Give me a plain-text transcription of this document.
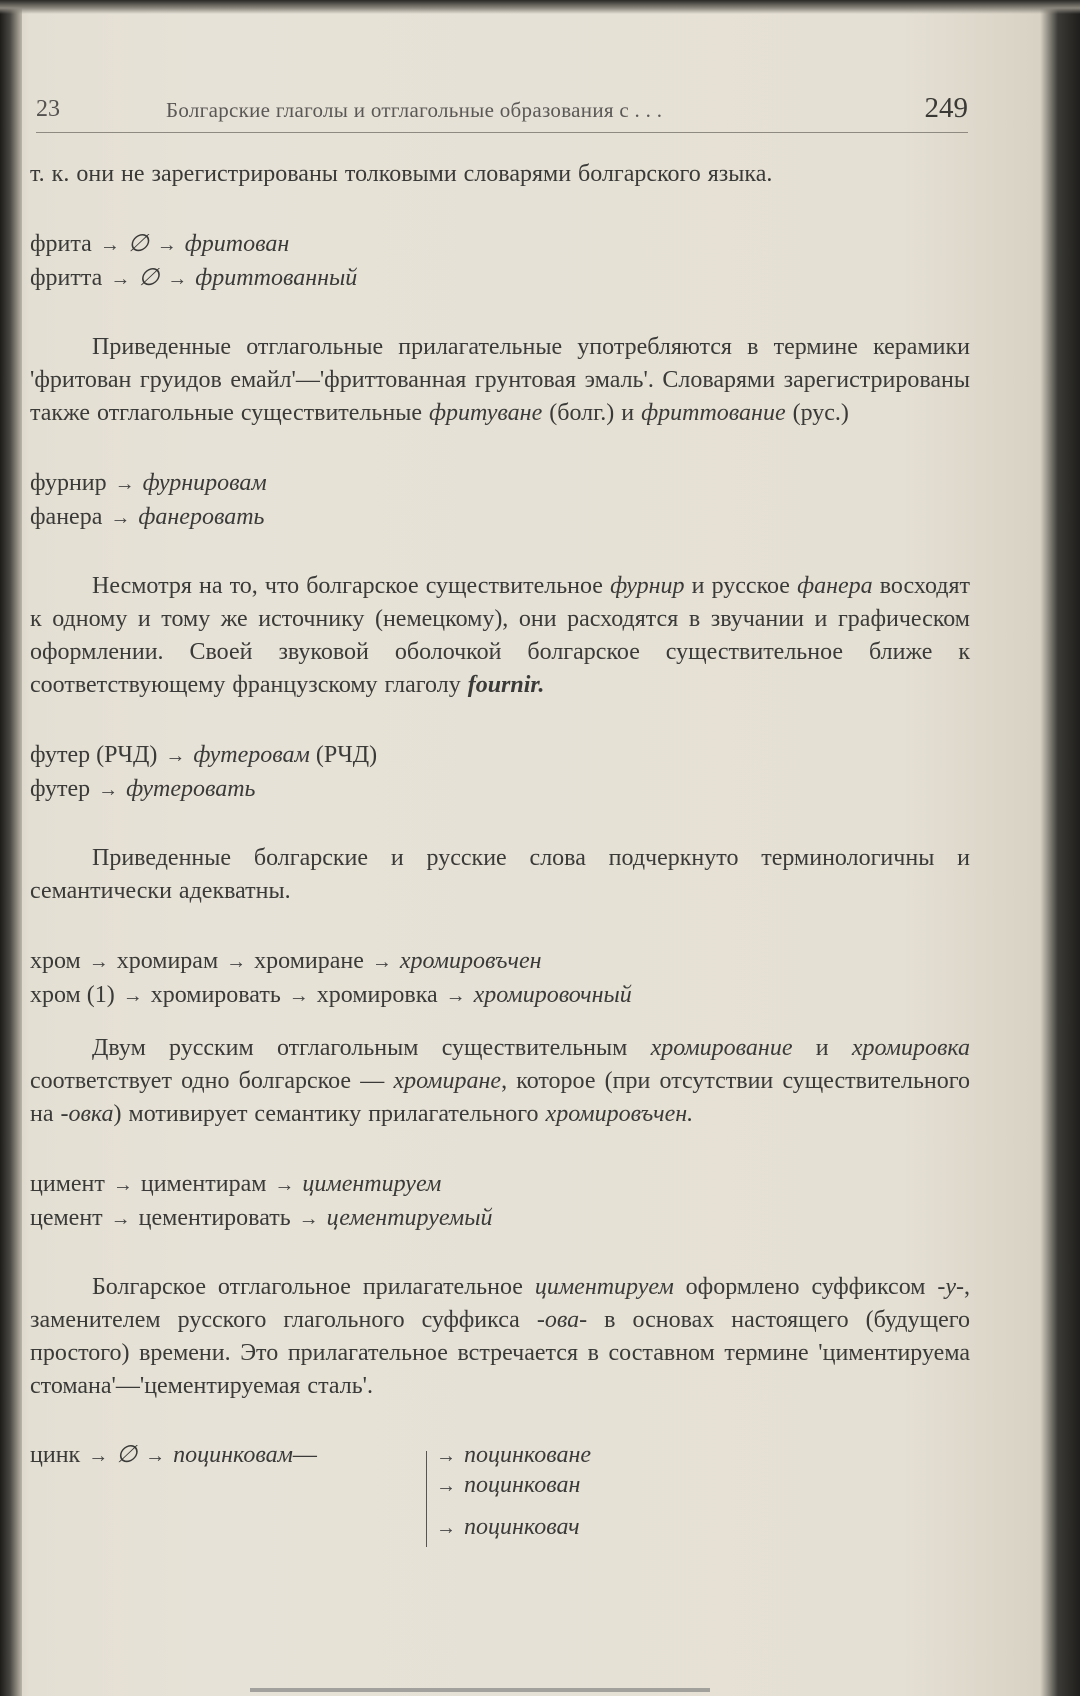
23	Болгарские глаголы и отглагольные образования с . . .	249

т. к. они не зарегистрированы толковыми словарями болгарского языка.

фрита → ∅ → фритован
фритта → ∅ → фриттованный

Приведенные отглагольные прилагательные употребляются в термине керамики 'фритован груидов емайл'—'фриттованная грунтовая эмаль'. Словарями зарегистрированы также отглагольные существительные фритуване (болг.) и фриттование (рус.)

фурнир → фурнировам
фанера → фанеровать

Несмотря на то, что болгарское существительное фурнир и русское фанера восходят к одному и тому же источнику (немецкому), они расходятся в звучании и графическом оформлении. Своей звуковой оболочкой болгарское существительное ближе к соответствующему французскому глаголу fournir.

футер (РЧД) → футеровам (РЧД)
футер → футеровать

Приведенные болгарские и русские слова подчеркнуто терминологичны и семантически адекватны.

хром → хромирам → хромиране → хромировъчен
хром (1) → хромировать → хромировка → хромировочный

Двум русским отглагольным существительным хромирование и хромировка соответствует одно болгарское — хромиране, которое (при отсутствии существительного на -овка) мотивирует семантику прилагательного хромировъчен.

цимент → циментирам → циментируем
цемент → цементировать → цементируемый

Болгарское отглагольное прилагательное циментируем оформлено суффиксом -у-, заменителем русского глагольного суффикса -ова- в основах настоящего (будущего простого) времени. Это прилагательное встречается в составном термине 'циментируема стомана'—'цементируемая сталь'.

цинк → ∅ → поцинковам—	→ поцинковане
→ поцинкован
→ поцинковач
